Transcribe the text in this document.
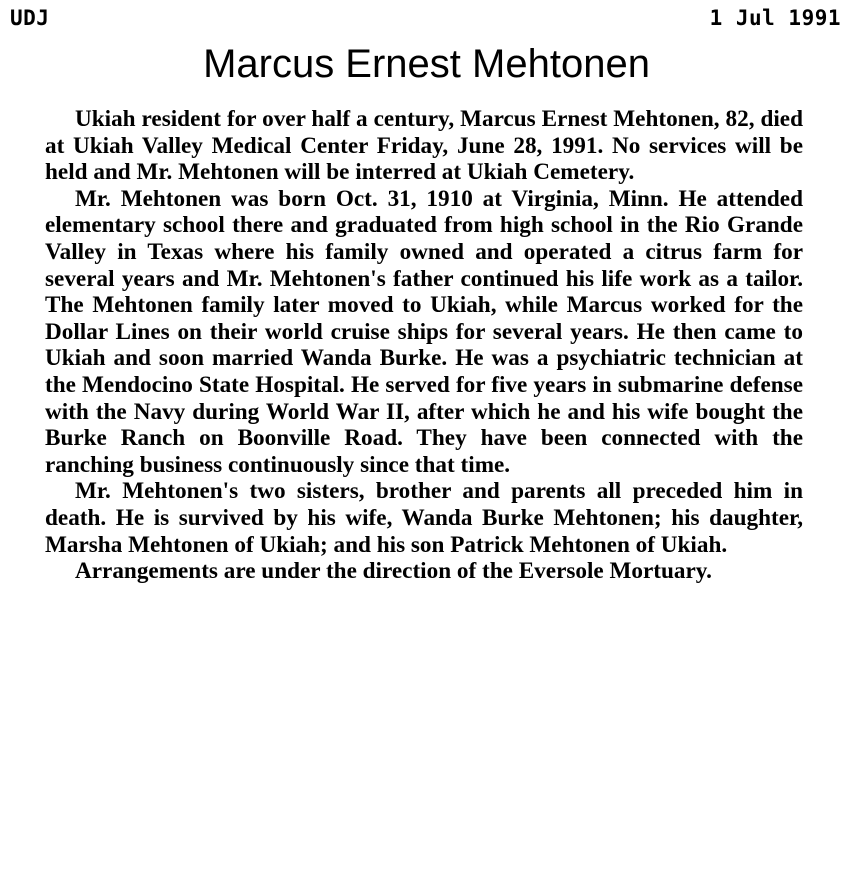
UDJ	1 Jul 1991
Marcus Ernest Mehtonen

Ukiah resident for over half a century, Marcus Ernest Mehtonen, 82, died at Ukiah Valley Medical Center Friday, June 28, 1991. No services will be held and Mr. Mehtonen will be interred at Ukiah Cemetery.

Mr. Mehtonen was born Oct. 31, 1910 at Virginia, Minn. He attended elementary school there and graduated from high school in the Rio Grande Valley in Texas where his family owned and operated a citrus farm for several years and Mr. Mehtonen's father continued his life work as a tailor. The Mehtonen family later moved to Ukiah, while Marcus worked for the Dollar Lines on their world cruise ships for several years. He then came to Ukiah and soon married Wanda Burke. He was a psychiatric technician at the Mendocino State Hospital. He served for five years in submarine defense with the Navy during World War II, after which he and his wife bought the Burke Ranch on Boonville Road. They have been connected with the ranching business continuously since that time.

Mr. Mehtonen's two sisters, brother and parents all preceded him in death. He is survived by his wife, Wanda Burke Mehtonen; his daughter, Marsha Mehtonen of Ukiah; and his son Patrick Mehtonen of Ukiah.

Arrangements are under the direction of the Eversole Mortuary.
